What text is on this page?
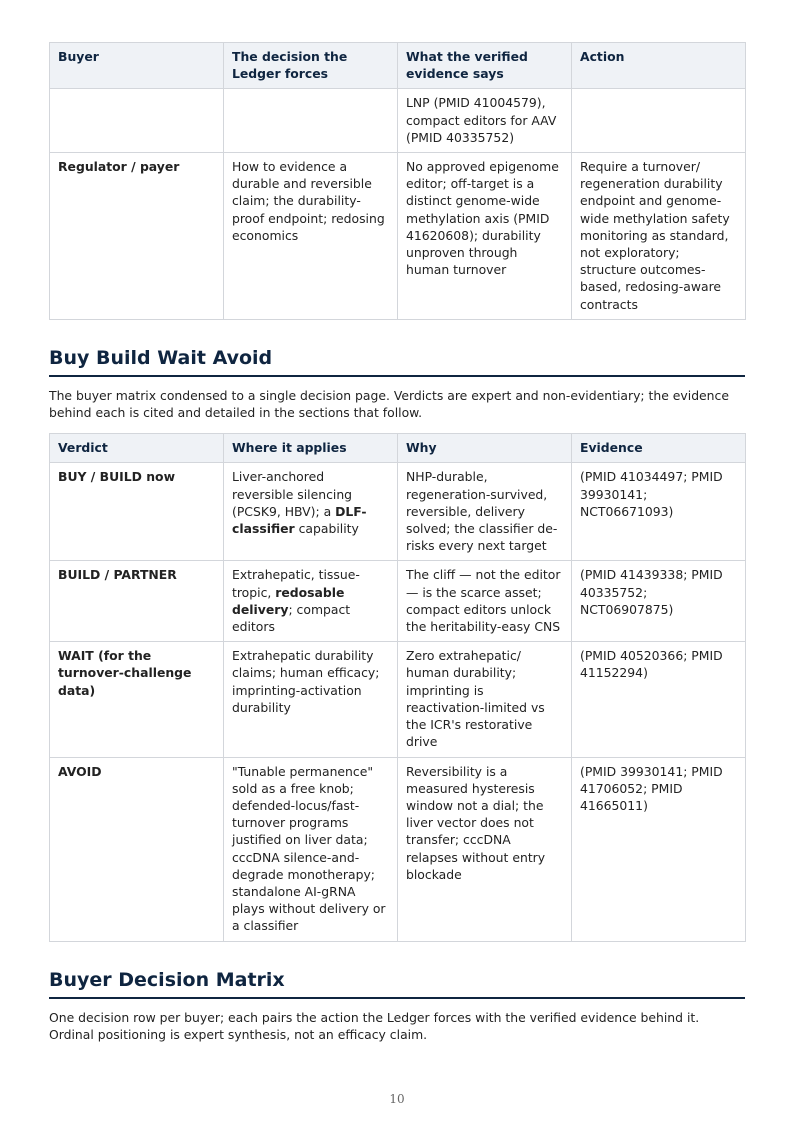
Buyer	The decision the Ledger forces	What the verified evidence says	Action
		LNP (PMID 41004579), compact editors for AAV (PMID 40335752)	
Regulator / payer	How to evidence a durable and reversible claim; the durability-proof endpoint; redosing economics	No approved epigenome editor; off-target is a distinct genome-wide methylation axis (PMID 41620608); durability unproven through human turnover	Require a turnover/ regeneration durability endpoint and genome-wide methylation safety monitoring as standard, not exploratory; structure outcomes-based, redosing-aware contracts
Buy Build Wait Avoid

The buyer matrix condensed to a single decision page. Verdicts are expert and non-evidentiary; the evidence behind each is cited and detailed in the sections that follow.

Verdict	Where it applies	Why	Evidence
BUY / BUILD now	Liver-anchored reversible silencing (PCSK9, HBV); a DLF-classifier capability	NHP-durable, regeneration-survived, reversible, delivery solved; the classifier de-risks every next target	(PMID 41034497; PMID 39930141; NCT06671093)
BUILD / PARTNER	Extrahepatic, tissue-tropic, redosable delivery; compact editors	The cliff — not the editor — is the scarce asset; compact editors unlock the heritability-easy CNS	(PMID 41439338; PMID 40335752; NCT06907875)
WAIT (for the turnover-challenge data)	Extrahepatic durability claims; human efficacy; imprinting-activation durability	Zero extrahepatic/ human durability; imprinting is reactivation-limited vs the ICR's restorative drive	(PMID 40520366; PMID 41152294)
AVOID	"Tunable permanence" sold as a free knob; defended-locus/fast-turnover programs justified on liver data; cccDNA silence-and-degrade monotherapy; standalone AI-gRNA plays without delivery or a classifier	Reversibility is a measured hysteresis window not a dial; the liver vector does not transfer; cccDNA relapses without entry blockade	(PMID 39930141; PMID 41706052; PMID 41665011)
Buyer Decision Matrix

One decision row per buyer; each pairs the action the Ledger forces with the verified evidence behind it. Ordinal positioning is expert synthesis, not an efficacy claim.

10
